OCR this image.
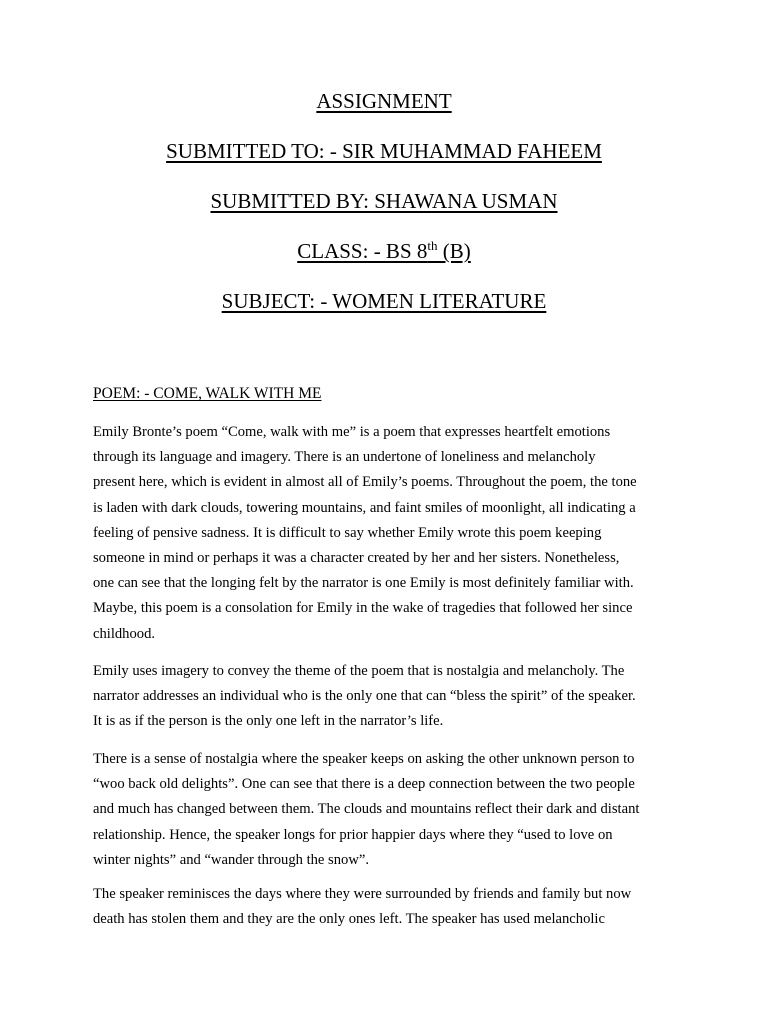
ASSIGNMENT
SUBMITTED TO: - SIR MUHAMMAD FAHEEM
SUBMITTED BY: SHAWANA USMAN
CLASS: - BS 8th (B)
SUBJECT: - WOMEN LITERATURE
POEM: - COME, WALK WITH ME
Emily Bronte’s poem “Come, walk with me” is a poem that expresses heartfelt emotions
through its language and imagery. There is an undertone of loneliness and melancholy
present here, which is evident in almost all of Emily’s poems. Throughout the poem, the tone
is laden with dark clouds, towering mountains, and faint smiles of moonlight, all indicating a
feeling of pensive sadness. It is difficult to say whether Emily wrote this poem keeping
someone in mind or perhaps it was a character created by her and her sisters. Nonetheless,
one can see that the longing felt by the narrator is one Emily is most definitely familiar with.
Maybe, this poem is a consolation for Emily in the wake of tragedies that followed her since
childhood.
Emily uses imagery to convey the theme of the poem that is nostalgia and melancholy. The
narrator addresses an individual who is the only one that can “bless the spirit” of the speaker.
It is as if the person is the only one left in the narrator’s life.
There is a sense of nostalgia where the speaker keeps on asking the other unknown person to
“woo back old delights”. One can see that there is a deep connection between the two people
and much has changed between them. The clouds and mountains reflect their dark and distant
relationship. Hence, the speaker longs for prior happier days where they “used to love on
winter nights” and “wander through the snow”.
The speaker reminisces the days where they were surrounded by friends and family but now
death has stolen them and they are the only ones left. The speaker has used melancholic
